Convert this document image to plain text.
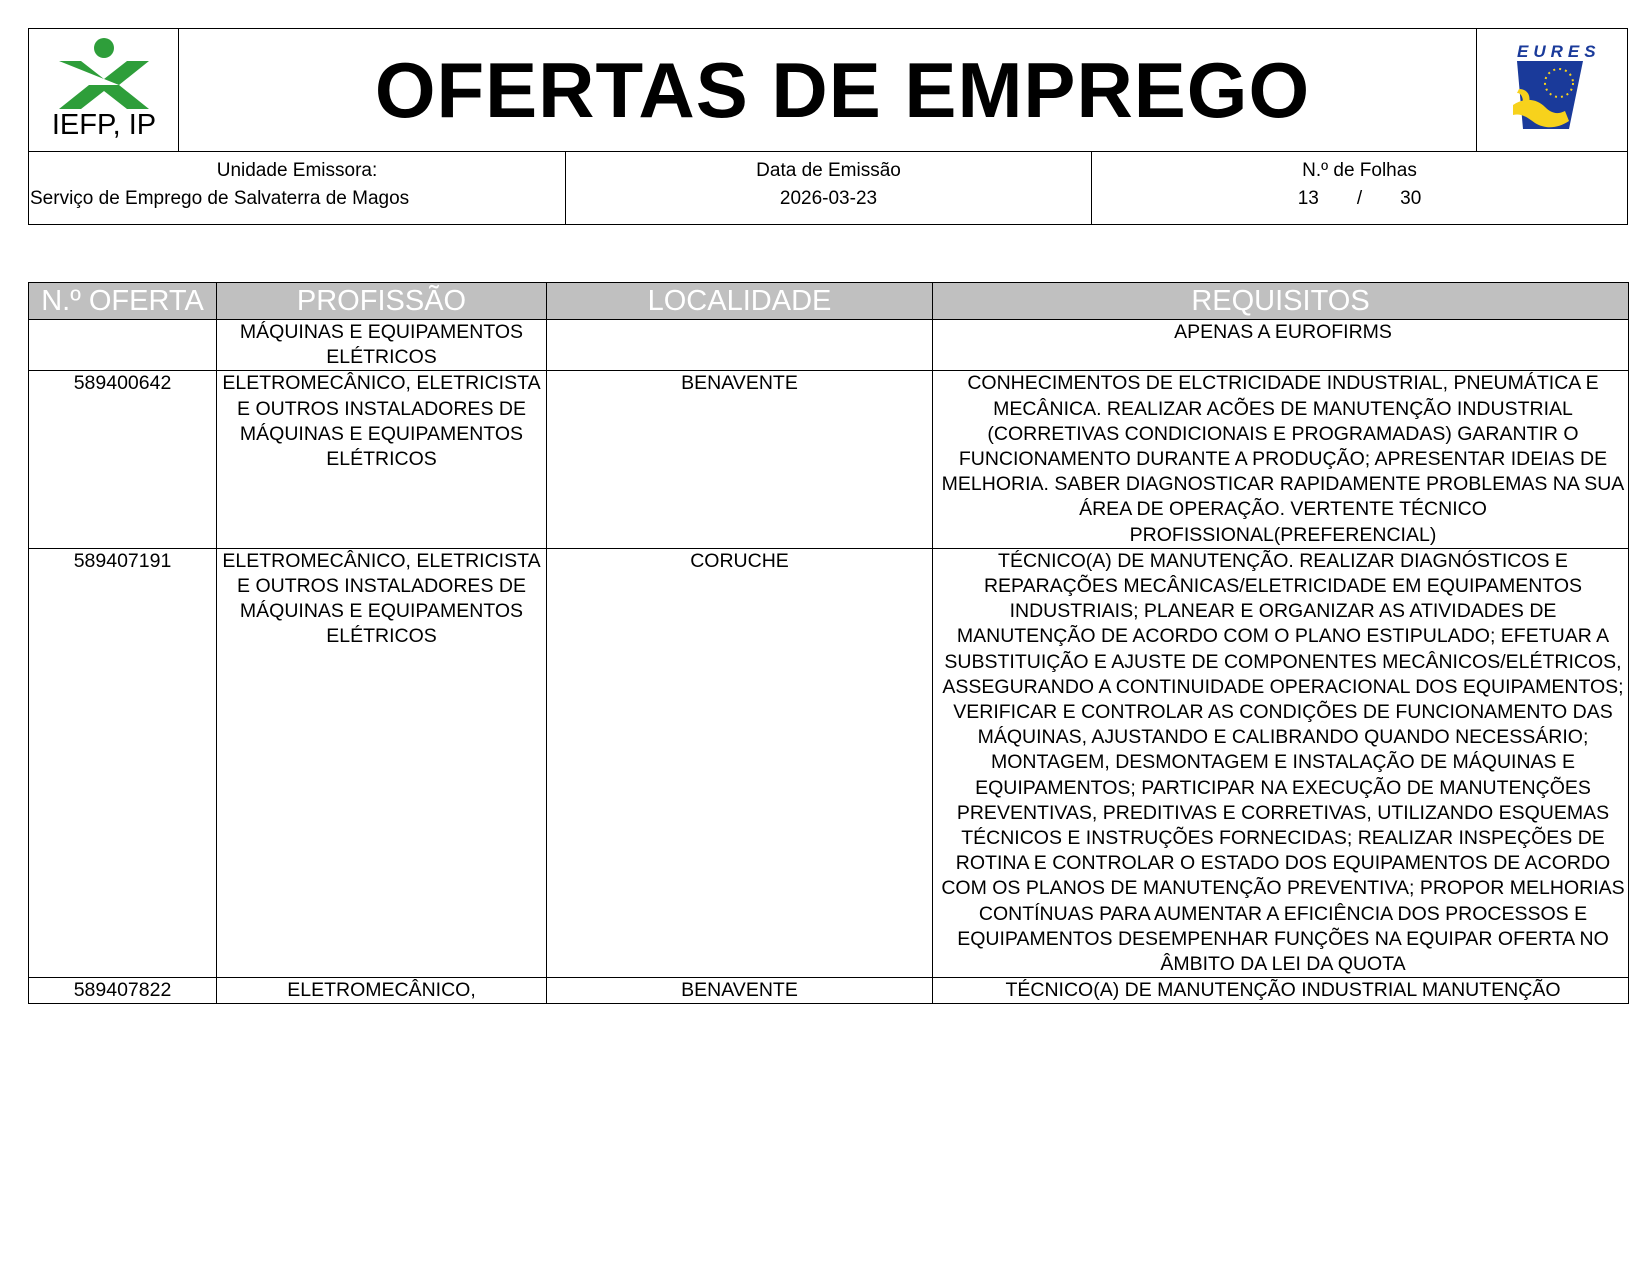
IEFP, IP	OFERTAS DE EMPREGO	EURES
Unidade Emissora:
Serviço de Emprego de Salvaterra de Magos
Data de Emissão
2026-03-23
N.º de Folhas
13 / 30
N.º OFERTA	PROFISSÃO	LOCALIDADE	REQUISITOS
	MÁQUINAS E EQUIPAMENTOS ELÉTRICOS		APENAS A EUROFIRMS
589400642	ELETROMECÂNICO, ELETRICISTA E OUTROS INSTALADORES DE MÁQUINAS E EQUIPAMENTOS ELÉTRICOS	BENAVENTE	CONHECIMENTOS DE ELCTRICIDADE INDUSTRIAL, PNEUMÁTICA E MECÂNICA. REALIZAR ACÕES DE MANUTENÇÃO INDUSTRIAL (CORRETIVAS CONDICIONAIS E PROGRAMADAS) GARANTIR O FUNCIONAMENTO DURANTE A PRODUÇÃO; APRESENTAR IDEIAS DE MELHORIA. SABER DIAGNOSTICAR RAPIDAMENTE PROBLEMAS NA SUA ÁREA DE OPERAÇÃO. VERTENTE TÉCNICO PROFISSIONAL(PREFERENCIAL)
589407191	ELETROMECÂNICO, ELETRICISTA E OUTROS INSTALADORES DE MÁQUINAS E EQUIPAMENTOS ELÉTRICOS	CORUCHE	TÉCNICO(A) DE MANUTENÇÃO. REALIZAR DIAGNÓSTICOS E REPARAÇÕES MECÂNICAS/ELETRICIDADE EM EQUIPAMENTOS INDUSTRIAIS; PLANEAR E ORGANIZAR AS ATIVIDADES DE MANUTENÇÃO DE ACORDO COM O PLANO ESTIPULADO; EFETUAR A SUBSTITUIÇÃO E AJUSTE DE COMPONENTES MECÂNICOS/ELÉTRICOS, ASSEGURANDO A CONTINUIDADE OPERACIONAL DOS EQUIPAMENTOS; VERIFICAR E CONTROLAR AS CONDIÇÕES DE FUNCIONAMENTO DAS MÁQUINAS, AJUSTANDO E CALIBRANDO QUANDO NECESSÁRIO; MONTAGEM, DESMONTAGEM E INSTALAÇÃO DE MÁQUINAS E EQUIPAMENTOS; PARTICIPAR NA EXECUÇÃO DE MANUTENÇÕES PREVENTIVAS, PREDITIVAS E CORRETIVAS, UTILIZANDO ESQUEMAS TÉCNICOS E INSTRUÇÕES FORNECIDAS; REALIZAR INSPEÇÕES DE ROTINA E CONTROLAR O ESTADO DOS EQUIPAMENTOS DE ACORDO COM OS PLANOS DE MANUTENÇÃO PREVENTIVA; PROPOR MELHORIAS CONTÍNUAS PARA AUMENTAR A EFICIÊNCIA DOS PROCESSOS E EQUIPAMENTOS DESEMPENHAR FUNÇÕES NA EQUIPAR OFERTA NO ÂMBITO DA LEI DA QUOTA
589407822	ELETROMECÂNICO,	BENAVENTE	TÉCNICO(A) DE MANUTENÇÃO INDUSTRIAL MANUTENÇÃO
